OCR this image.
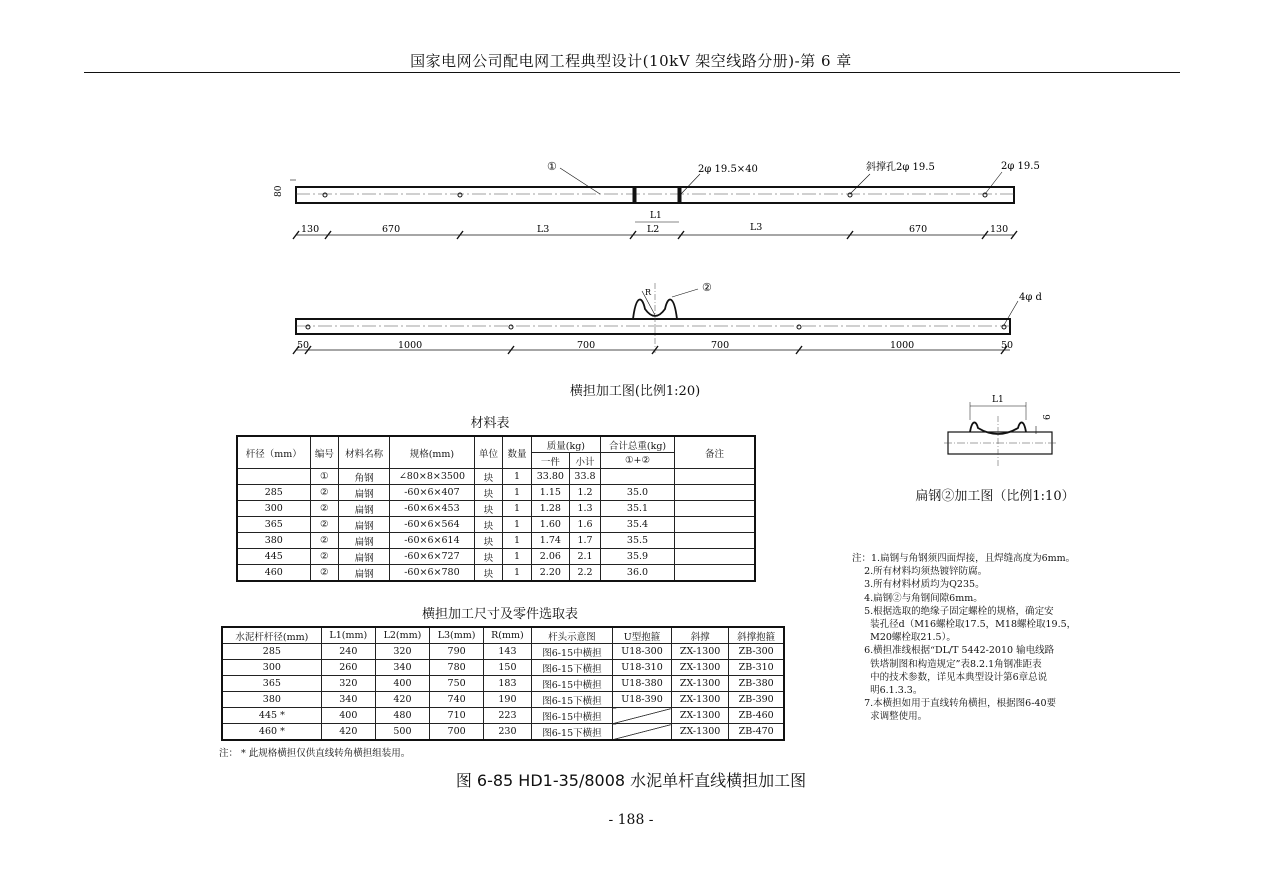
国家电网公司配电网工程典型设计(10kV 架空线路分册)-第 6 章
80
①	2φ 19.5×40	斜撑孔2φ 19.5	2φ 19.5
L1
130	670	L3	L2	L3	670	130
R	②
4φ d
50	1000	700	700	1000	50
横担加工图(比例1:20)
L1
6
扁钢②加工图（比例1:10）
材料表
杆径（mm）	编号	材料名称	规格(mm)	单位	数量	质量(kg)		合计总重(kg)	备注
						一件	小计	①+②	
	①	角钢	∠80×8×3500	块	1	33.80	33.8		
285	②	扁钢	-60×6×407	块	1	1.15	1.2	35.0	
300	②	扁钢	-60×6×453	块	1	1.28	1.3	35.1	
365	②	扁钢	-60×6×564	块	1	1.60	1.6	35.4	
380	②	扁钢	-60×6×614	块	1	1.74	1.7	35.5	
445	②	扁钢	-60×6×727	块	1	2.06	2.1	35.9	
460	②	扁钢	-60×6×780	块	1	2.20	2.2	36.0	
横担加工尺寸及零件选取表
水泥杆杆径(mm)	L1(mm)	L2(mm)	L3(mm)	R(mm)	杆头示意图	U型抱箍	斜撑	斜撑抱箍
285	240	320	790	143	图6-15中横担	U18-300	ZX-1300	ZB-300
300	260	340	780	150	图6-15下横担	U18-310	ZX-1300	ZB-310
365	320	400	750	183	图6-15中横担	U18-380	ZX-1300	ZB-380
380	340	420	740	190	图6-15下横担	U18-390	ZX-1300	ZB-390
445 *	400	480	710	223	图6-15中横担		ZX-1300	ZB-460
460 *	420	500	700	230	图6-15下横担		ZX-1300	ZB-470
注： * 此规格横担仅供直线转角横担组装用。
注：1.扁钢与角钢须四面焊接，且焊缝高度为6mm。
2.所有材料均须热镀锌防腐。
3.所有材料材质均为Q235。
4.扁钢②与角钢间隙6mm。
5.根据选取的绝缘子固定螺栓的规格，确定安
装孔径d（M16螺栓取17.5，M18螺栓取19.5，
M20螺栓取21.5）。
6.横担准线根据“DL/T 5442-2010 输电线路
铁塔制图和构造规定”表8.2.1角钢准距表
中的技术参数，详见本典型设计第6章总说
明6.1.3.3。
7.本横担如用于直线转角横担，根据图6-40要
求调整使用。
图 6-85 HD1-35/8008 水泥单杆直线横担加工图
- 188 -
